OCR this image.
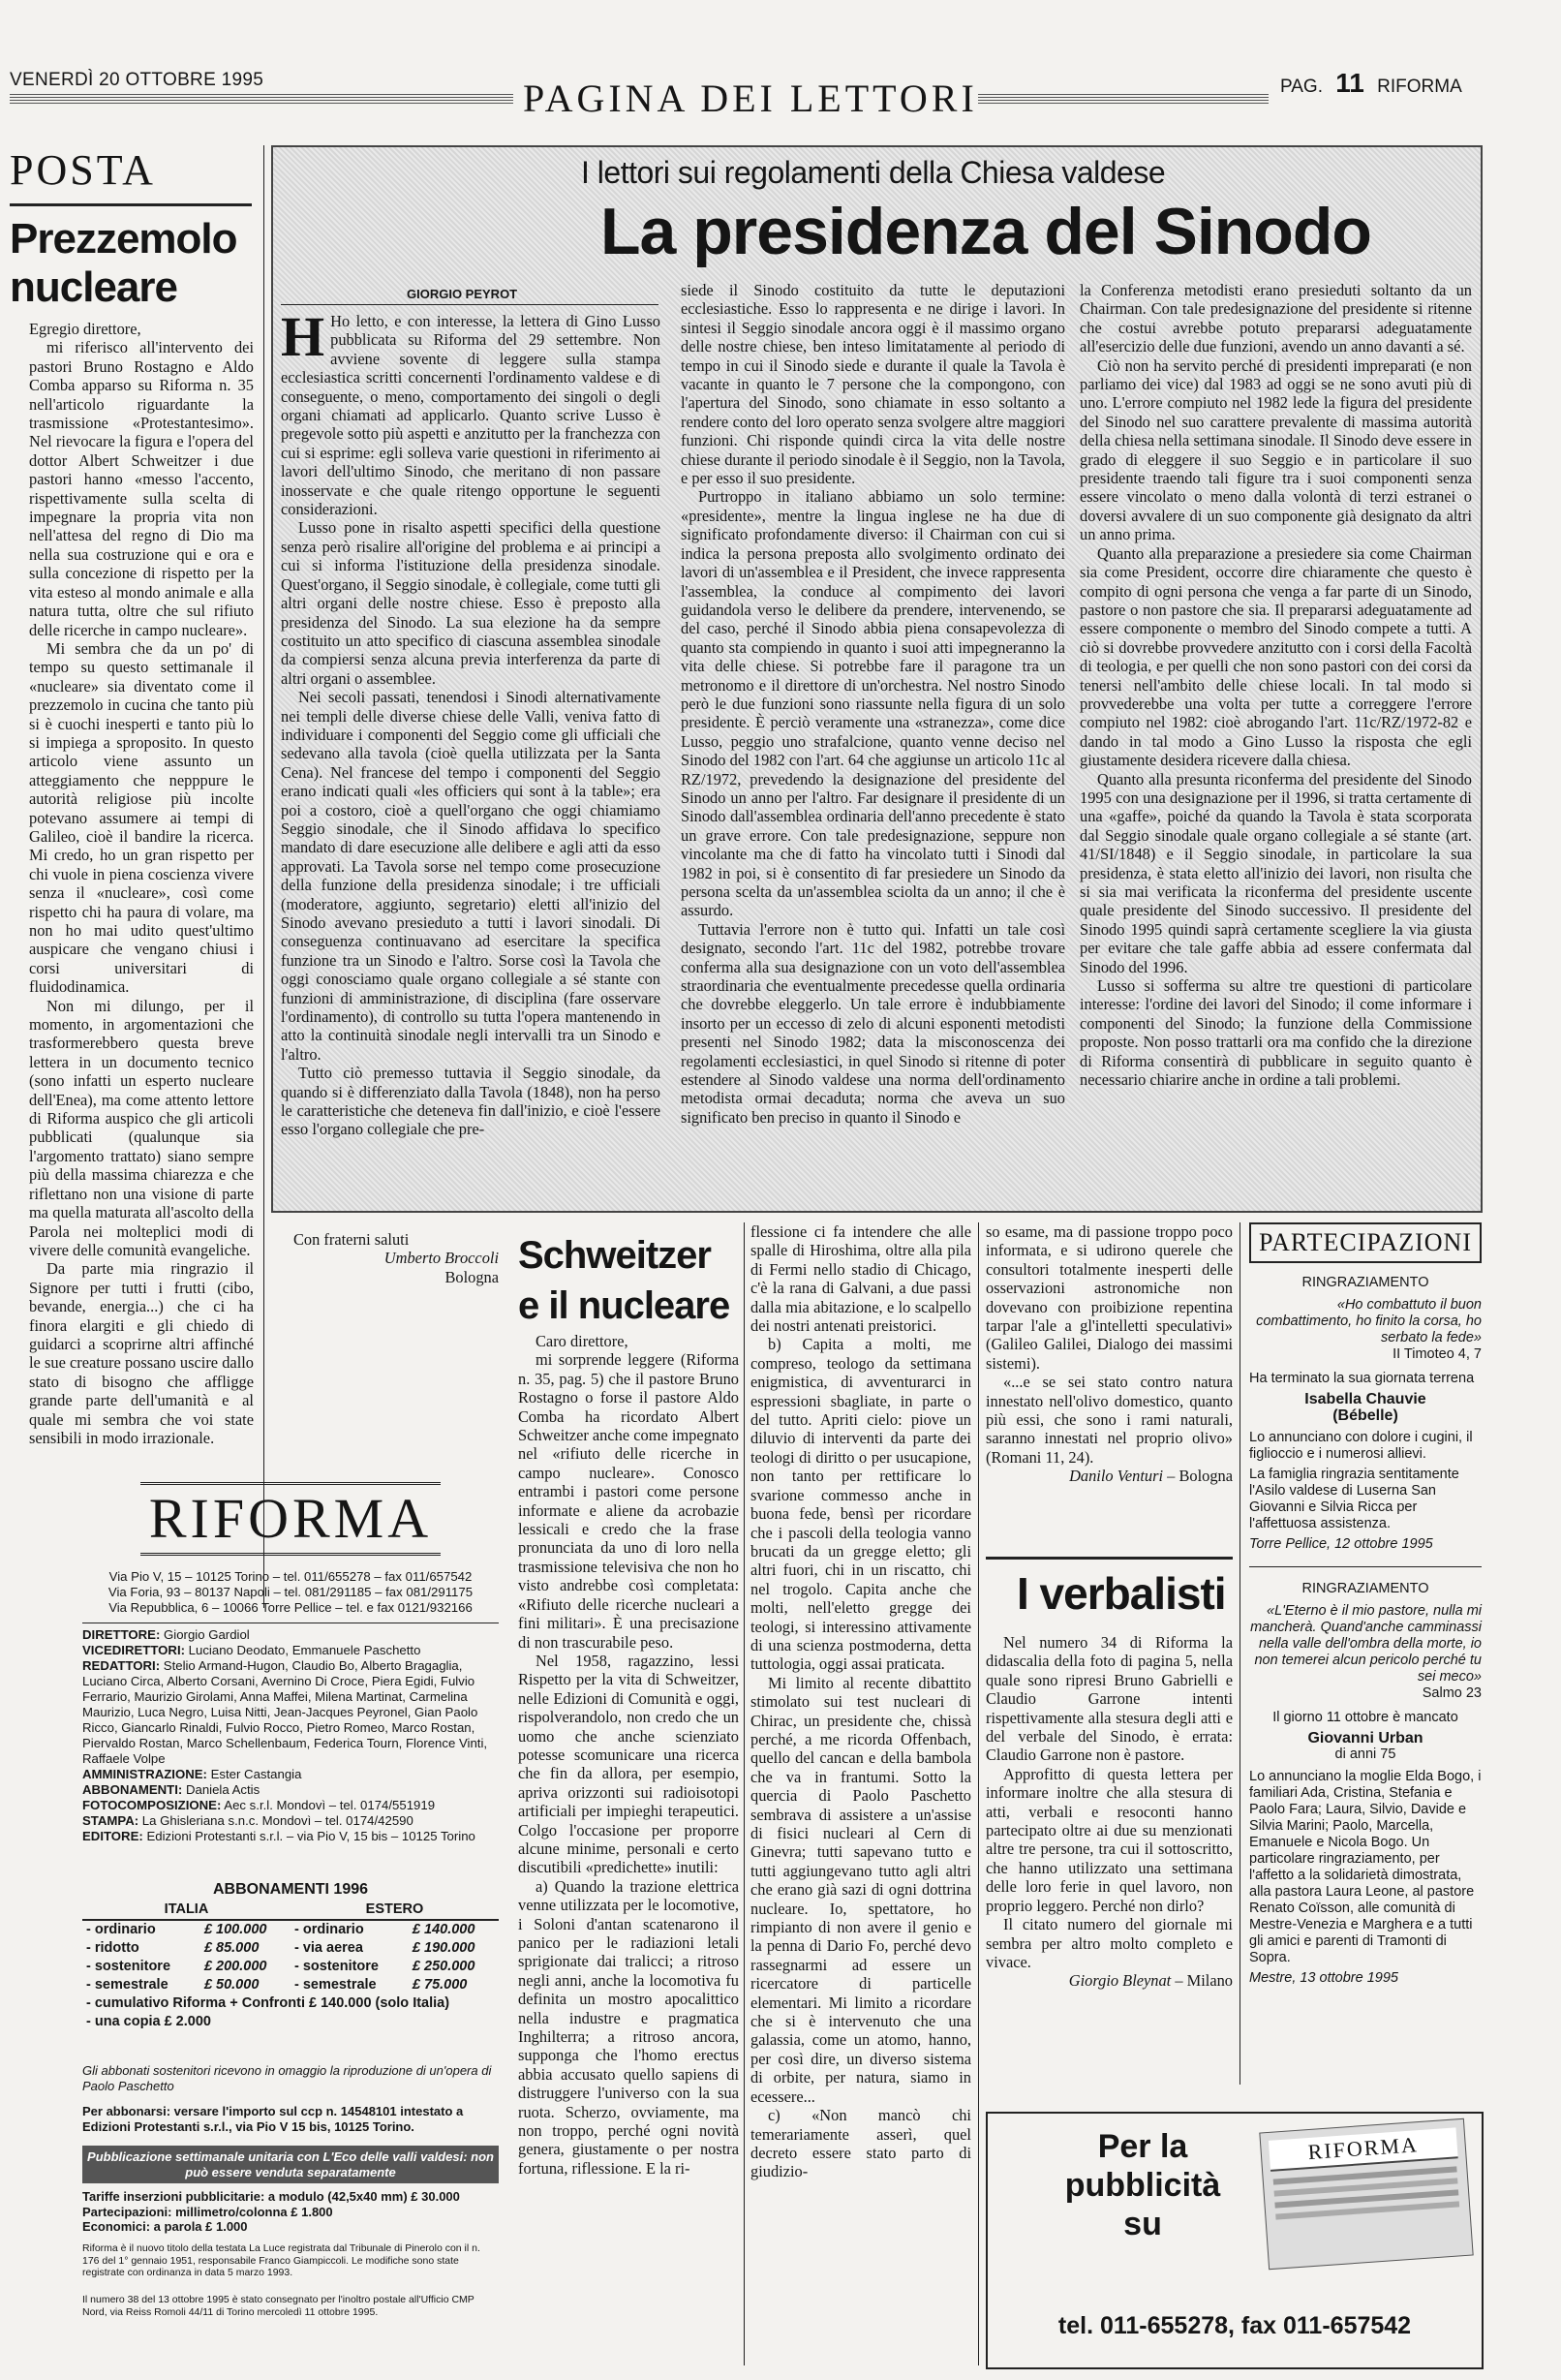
VENERDÌ 20 OTTOBRE 1995	PAGINA DEI LETTORI	PAG. 11 RIFORMA
POSTA
Prezzemolo nucleare

Egregio direttore,

mi riferisco all'intervento dei pastori Bruno Rostagno e Aldo Comba apparso su Riforma n. 35 nell'articolo riguardante la trasmissione «Protestantesimo». Nel rievocare la figura e l'opera del dottor Albert Schweitzer i due pastori hanno «messo l'accento, rispettivamente sulla scelta di impegnare la propria vita non nell'attesa del regno di Dio ma nella sua costruzione qui e ora e sulla concezione di rispetto per la vita esteso al mondo animale e alla natura tutta, oltre che sul rifiuto delle ricerche in campo nucleare».

Mi sembra che da un po' di tempo su questo settimanale il «nucleare» sia diventato come il prezzemolo in cucina che tanto più si è cuochi inesperti e tanto più lo si impiega a sproposito. In questo articolo viene assunto un atteggiamento che nepppure le autorità religiose più incolte potevano assumere ai tempi di Galileo, cioè il bandire la ricerca. Mi credo, ho un gran rispetto per chi vuole in piena coscienza vivere senza il «nucleare», così come rispetto chi ha paura di volare, ma non ho mai udito quest'ultimo auspicare che vengano chiusi i corsi universitari di fluidodinamica.

Non mi dilungo, per il momento, in argomentazioni che trasformerebbero questa breve lettera in un documento tecnico (sono infatti un esperto nucleare dell'Enea), ma come attento lettore di Riforma auspico che gli articoli pubblicati (qualunque sia l'argomento trattato) siano sempre più della massima chiarezza e che riflettano non una visione di parte ma quella maturata all'ascolto della Parola nei molteplici modi di vivere delle comunità evangeliche.

Da parte mia ringrazio il Signore per tutti i frutti (cibo, bevande, energia...) che ci ha finora elargiti e gli chiedo di guidarci a scoprirne altri affinché le sue creature possano uscire dallo stato di bisogno che affligge grande parte dell'umanità e al quale mi sembra che voi state sensibili in modo irrazionale.

Con fraterni saluti

Umberto Broccoli

Bologna

I lettori sui regolamenti della Chiesa valdese
La presidenza del Sinodo
GIORGIO PEYROT

H Ho letto, e con interesse, la lettera di Gino Lusso pubblicata su Riforma del 29 settembre. Non avviene sovente di leggere sulla stampa ecclesiastica scritti concernenti l'ordinamento valdese e di conseguente, o meno, comportamento dei singoli o degli organi chiamati ad applicarlo. Quanto scrive Lusso è pregevole sotto più aspetti e anzitutto per la franchezza con cui si esprime: egli solleva varie questioni in riferimento ai lavori dell'ultimo Sinodo, che meritano di non passare inosservate e che quale ritengo opportune le seguenti considerazioni.

Lusso pone in risalto aspetti specifici della questione senza però risalire all'origine del problema e ai principi a cui si informa l'istituzione della presidenza sinodale. Quest'organo, il Seggio sinodale, è collegiale, come tutti gli altri organi delle nostre chiese. Esso è preposto alla presidenza del Sinodo. La sua elezione ha da sempre costituito un atto specifico di ciascuna assemblea sinodale da compiersi senza alcuna previa interferenza da parte di altri organi o assemblee.

Nei secoli passati, tenendosi i Sinodi alternativamente nei templi delle diverse chiese delle Valli, veniva fatto di individuare i componenti del Seggio come gli ufficiali che sedevano alla tavola (cioè quella utilizzata per la Santa Cena). Nel francese del tempo i componenti del Seggio erano indicati quali «les officiers qui sont à la table»; era poi a costoro, cioè a quell'organo che oggi chiamiamo Seggio sinodale, che il Sinodo affidava lo specifico mandato di dare esecuzione alle delibere e agli atti da esso approvati. La Tavola sorse nel tempo come prosecuzione della funzione della presidenza sinodale; i tre ufficiali (moderatore, aggiunto, segretario) eletti all'inizio del Sinodo avevano presieduto a tutti i lavori sinodali. Di conseguenza continuavano ad esercitare la specifica funzione tra un Sinodo e l'altro. Sorse così la Tavola che oggi conosciamo quale organo collegiale a sé stante con funzioni di amministrazione, di disciplina (fare osservare l'ordinamento), di controllo su tutta l'opera mantenendo in atto la continuità sinodale negli intervalli tra un Sinodo e l'altro.

Tutto ciò premesso tuttavia il Seggio sinodale, da quando si è differenziato dalla Tavola (1848), non ha perso le caratteristiche che deteneva fin dall'inizio, e cioè l'essere esso l'organo collegiale che pre-

siede il Sinodo costituito da tutte le deputazioni ecclesiastiche. Esso lo rappresenta e ne dirige i lavori. In sintesi il Seggio sinodale ancora oggi è il massimo organo delle nostre chiese, ben inteso limitatamente al periodo di tempo in cui il Sinodo siede e durante il quale la Tavola è vacante in quanto le 7 persone che la compongono, con l'apertura del Sinodo, sono chiamate in esso soltanto a rendere conto del loro operato senza svolgere altre maggiori funzioni. Chi risponde quindi circa la vita delle nostre chiese durante il periodo sinodale è il Seggio, non la Tavola, e per esso il suo presidente.

Purtroppo in italiano abbiamo un solo termine: «presidente», mentre la lingua inglese ne ha due di significato profondamente diverso: il Chairman con cui si indica la persona preposta allo svolgimento ordinato dei lavori di un'assemblea e il President, che invece rappresenta l'assemblea, la conduce al compimento dei lavori guidandola verso le delibere da prendere, intervenendo, se del caso, perché il Sinodo abbia piena consapevolezza di quanto sta compiendo in quanto i suoi atti impegneranno la vita delle chiese. Si potrebbe fare il paragone tra un metronomo e il direttore di un'orchestra. Nel nostro Sinodo però le due funzioni sono riassunte nella figura di un solo presidente. È perciò veramente una «stranezza», come dice Lusso, peggio uno strafalcione, quanto venne deciso nel Sinodo del 1982 con l'art. 64 che aggiunse un articolo 11c al RZ/1972, prevedendo la designazione del presidente del Sinodo un anno per l'altro. Far designare il presidente di un Sinodo dall'assemblea ordinaria dell'anno precedente è stato un grave errore. Con tale predesignazione, seppure non vincolante ma che di fatto ha vincolato tutti i Sinodi dal 1982 in poi, si è consentito di far presiedere un Sinodo da persona scelta da un'assemblea sciolta da un anno; il che è assurdo.

Tuttavia l'errore non è tutto qui. Infatti un tale così designato, secondo l'art. 11c del 1982, potrebbe trovare conferma alla sua designazione con un voto dell'assemblea straordinaria che eventualmente precedesse quella ordinaria che dovrebbe eleggerlo. Un tale errore è indubbiamente insorto per un eccesso di zelo di alcuni esponenti metodisti presenti nel Sinodo 1982; data la misconoscenza dei regolamenti ecclesiastici, in quel Sinodo si ritenne di poter estendere al Sinodo valdese una norma dell'ordinamento metodista ormai decaduta; norma che aveva un suo significato ben preciso in quanto il Sinodo e

la Conferenza metodisti erano presieduti soltanto da un Chairman. Con tale predesignazione del presidente si ritenne che costui avrebbe potuto prepararsi adeguatamente all'esercizio delle due funzioni, avendo un anno davanti a sé.

Ciò non ha servito perché di presidenti impreparati (e non parliamo dei vice) dal 1983 ad oggi se ne sono avuti più di uno. L'errore compiuto nel 1982 lede la figura del presidente del Sinodo nel suo carattere prevalente di massima autorità della chiesa nella settimana sinodale. Il Sinodo deve essere in grado di eleggere il suo Seggio e in particolare il suo presidente traendo tali figure tra i suoi componenti senza essere vincolato o meno dalla volontà di terzi estranei o doversi avvalere di un suo componente già designato da altri un anno prima.

Quanto alla preparazione a presiedere sia come Chairman sia come President, occorre dire chiaramente che questo è compito di ogni persona che venga a far parte di un Sinodo, pastore o non pastore che sia. Il prepararsi adeguatamente ad essere componente o membro del Sinodo compete a tutti. A ciò si dovrebbe provvedere anzitutto con i corsi della Facoltà di teologia, e per quelli che non sono pastori con dei corsi da tenersi nell'ambito delle chiese locali. In tal modo si provvederebbe una volta per tutte a correggere l'errore compiuto nel 1982: cioè abrogando l'art. 11c/RZ/1972-82 e dando in tal modo a Gino Lusso la risposta che egli giustamente desidera ricevere dalla chiesa.

Quanto alla presunta riconferma del presidente del Sinodo 1995 con una designazione per il 1996, si tratta certamente di una «gaffe», poiché da quando la Tavola è stata scorporata dal Seggio sinodale quale organo collegiale a sé stante (art. 41/SI/1848) e il Seggio sinodale, in particolare la sua presidenza, è stata eletto all'inizio dei lavori, non risulta che si sia mai verificata la riconferma del presidente uscente quale presidente del Sinodo successivo. Il presidente del Sinodo 1995 quindi saprà certamente scegliere la via giusta per evitare che tale gaffe abbia ad essere confermata dal Sinodo del 1996.

Lusso si sofferma su altre tre questioni di particolare interesse: l'ordine dei lavori del Sinodo; il come informare i componenti del Sinodo; la funzione della Commissione proposte. Non posso trattarli ora ma confido che la direzione di Riforma consentirà di pubblicare in seguito quanto è necessario chiarire anche in ordine a tali problemi.

Schweitzer e il nucleare

Caro direttore,

mi sorprende leggere (Riforma n. 35, pag. 5) che il pastore Bruno Rostagno o forse il pastore Aldo Comba ha ricordato Albert Schweitzer anche come impegnato nel «rifiuto delle ricerche in campo nucleare». Conosco entrambi i pastori come persone informate e aliene da acrobazie lessicali e credo che la frase pronunciata da uno di loro nella trasmissione televisiva che non ho visto andrebbe così completata: «Rifiuto delle ricerche nucleari a fini militari». È una precisazione di non trascurabile peso.

Nel 1958, ragazzino, lessi Rispetto per la vita di Schweitzer, nelle Edizioni di Comunità e oggi, rispolverandolo, non credo che un uomo che anche scienziato potesse scomunicare una ricerca che fin da allora, per esempio, apriva orizzonti sui radioisotopi artificiali per impieghi terapeutici. Colgo l'occasione per proporre alcune minime, personali e certo discutibili «predichette» inutili:

a) Quando la trazione elettrica venne utilizzata per le locomotive, i Soloni d'antan scatenarono il panico per le radiazioni letali sprigionate dai tralicci; a ritroso negli anni, anche la locomotiva fu definita un mostro apocalittico nella industre e pragmatica Inghilterra; a ritroso ancora, supponga che l'homo erectus abbia accusato quello sapiens di distruggere l'universo con la sua ruota. Scherzo, ovviamente, ma non troppo, perché ogni novità genera, giustamente o per nostra fortuna, riflessione. E la ri-

flessione ci fa intendere che alle spalle di Hiroshima, oltre alla pila di Fermi nello stadio di Chicago, c'è la rana di Galvani, a due passi dalla mia abitazione, e lo scalpello dei nostri antenati preistorici.

b) Capita a molti, me compreso, teologo da settimana enigmistica, di avventurarci in espressioni sbagliate, in parte o del tutto. Apriti cielo: piove un diluvio di interventi da parte dei teologi di diritto o per usucapione, non tanto per rettificare lo svarione commesso anche in buona fede, bensì per ricordare che i pascoli della teologia vanno brucati da un gregge eletto; gli altri fuori, chi in un riscatto, chi nel trogolo. Capita anche che molti, nell'eletto gregge dei teologi, si interessino attivamente di una scienza postmoderna, detta tuttologia, oggi assai praticata.

Mi limito al recente dibattito stimolato sui test nucleari di Chirac, un presidente che, chissà perché, a me ricorda Offenbach, quello del cancan e della bambola che va in frantumi. Sotto la quercia di Paolo Paschetto sembrava di assistere a un'assise di fisici nucleari al Cern di Ginevra; tutti sapevano tutto e tutti aggiungevano tutto agli altri che erano già sazi di ogni dottrina nucleare. Io, spettatore, ho rimpianto di non avere il genio e la penna di Dario Fo, perché devo rassegnarmi ad essere un ricercatore di particelle elementari. Mi limito a ricordare che si è intervenuto che una galassia, come un atomo, hanno, per così dire, un diverso sistema di orbite, per natura, siamo in ecessere...

c) «Non mancò chi temerariamente asserì, quel decreto essere stato parto di giudizio-

so esame, ma di passione troppo poco informata, e si udirono querele che consultori totalmente inesperti delle osservazioni astronomiche non dovevano con proibizione repentina tarpar l'ale a gl'intelletti speculativi» (Galileo Galilei, Dialogo dei massimi sistemi).

«...e se sei stato contro natura innestato nell'olivo domestico, quanto più essi, che sono i rami naturali, saranno innestati nel proprio olivo» (Romani 11, 24).

Danilo Venturi – Bologna

I verbalisti

Nel numero 34 di Riforma la didascalia della foto di pagina 5, nella quale sono ripresi Bruno Gabrielli e Claudio Garrone intenti rispettivamente alla stesura degli atti e del verbale del Sinodo, è errata: Claudio Garrone non è pastore.

Approfitto di questa lettera per informare inoltre che alla stesura di atti, verbali e resoconti hanno partecipato oltre ai due su menzionati altre tre persone, tra cui il sottoscritto, che hanno utilizzato una settimana delle loro ferie in quel lavoro, non proprio leggero. Perché non dirlo?

Il citato numero del giornale mi sembra per altro molto completo e vivace.

Giorgio Bleynat – Milano

RIFORMA
Via Pio V, 15 – 10125 Torino – tel. 011/655278 – fax 011/657542
Via Foria, 93 – 80137 Napoli – tel. 081/291185 – fax 081/291175
Via Repubblica, 6 – 10066 Torre Pellice – tel. e fax 0121/932166
DIRETTORE: Giorgio Gardiol
VICEDIRETTORI: Luciano Deodato, Emmanuele Paschetto
REDATTORI: Stelio Armand-Hugon, Claudio Bo, Alberto Bragaglia, Luciano Circa, Alberto Corsani, Avernino Di Croce, Piera Egidi, Fulvio Ferrario, Maurizio Girolami, Anna Maffei, Milena Martinat, Carmelina Maurizio, Luca Negro, Luisa Nitti, Jean-Jacques Peyronel, Gian Paolo Ricco, Giancarlo Rinaldi, Fulvio Rocco, Pietro Romeo, Marco Rostan, Piervaldo Rostan, Marco Schellenbaum, Federica Tourn, Florence Vinti, Raffaele Volpe
AMMINISTRAZIONE: Ester Castangia
ABBONAMENTI: Daniela Actis
FOTOCOMPOSIZIONE: Aec s.r.l. Mondovì – tel. 0174/551919
STAMPA: La Ghisleriana s.n.c. Mondovì – tel. 0174/42590
EDITORE: Edizioni Protestanti s.r.l. – via Pio V, 15 bis – 10125 Torino
ABBONAMENTI 1996
ITALIA		ESTERO	
- ordinario	£ 100.000	- ordinario	£ 140.000
- ridotto	£ 85.000	- via aerea	£ 190.000
- sostenitore	£ 200.000	- sostenitore	£ 250.000
- semestrale	£ 50.000	- semestrale	£ 75.000
- cumulativo Riforma + Confronti £ 140.000 (solo Italia)
- una copia £ 2.000
Gli abbonati sostenitori ricevono in omaggio la riproduzione di un'opera di Paolo Paschetto
Per abbonarsi: versare l'importo sul ccp n. 14548101 intestato a Edizioni Protestanti s.r.l., via Pio V 15 bis, 10125 Torino.
Pubblicazione settimanale unitaria con L'Eco delle valli valdesi: non può essere venduta separatamente
Tariffe inserzioni pubblicitarie: a modulo (42,5x40 mm) £ 30.000
Partecipazioni: millimetro/colonna £ 1.800
Economici: a parola £ 1.000
Riforma è il nuovo titolo della testata La Luce registrata dal Tribunale di Pinerolo con il n. 176 del 1° gennaio 1951, responsabile Franco Giampiccoli. Le modifiche sono state registrate con ordinanza in data 5 marzo 1993.
Il numero 38 del 13 ottobre 1995 è stato consegnato per l'inoltro postale all'Ufficio CMP Nord, via Reiss Romoli 44/11 di Torino mercoledì 11 ottobre 1995.
PARTECIPAZIONI
RINGRAZIAMENTO
«Ho combattuto il buon combattimento, ho finito la corsa, ho serbato la fede»
II Timoteo 4, 7
Ha terminato la sua giornata terrena
Isabella Chauvie
(Bébelle)
Lo annunciano con dolore i cugini, il figlioccio e i numerosi allievi.
La famiglia ringrazia sentitamente l'Asilo valdese di Luserna San Giovanni e Silvia Ricca per l'affettuosa assistenza.
Torre Pellice, 12 ottobre 1995
RINGRAZIAMENTO
«L'Eterno è il mio pastore, nulla mi mancherà. Quand'anche camminassi nella valle dell'ombra della morte, io non temerei alcun pericolo perché tu sei meco»
Salmo 23
Il giorno 11 ottobre è mancato
Giovanni Urban
di anni 75
Lo annunciano la moglie Elda Bogo, i familiari Ada, Cristina, Stefania e Paolo Fara; Laura, Silvio, Davide e Silvia Marini; Paolo, Marcella, Emanuele e Nicola Bogo. Un particolare ringraziamento, per l'affetto a la solidarietà dimostrata, alla pastora Laura Leone, al pastore Renato Coïsson, alle comunità di Mestre-Venezia e Marghera e a tutti gli amici e parenti di Tramonti di Sopra.
Mestre, 13 ottobre 1995
Per la
pubblicità
su
RIFORMA
tel. 011-655278, fax 011-657542
